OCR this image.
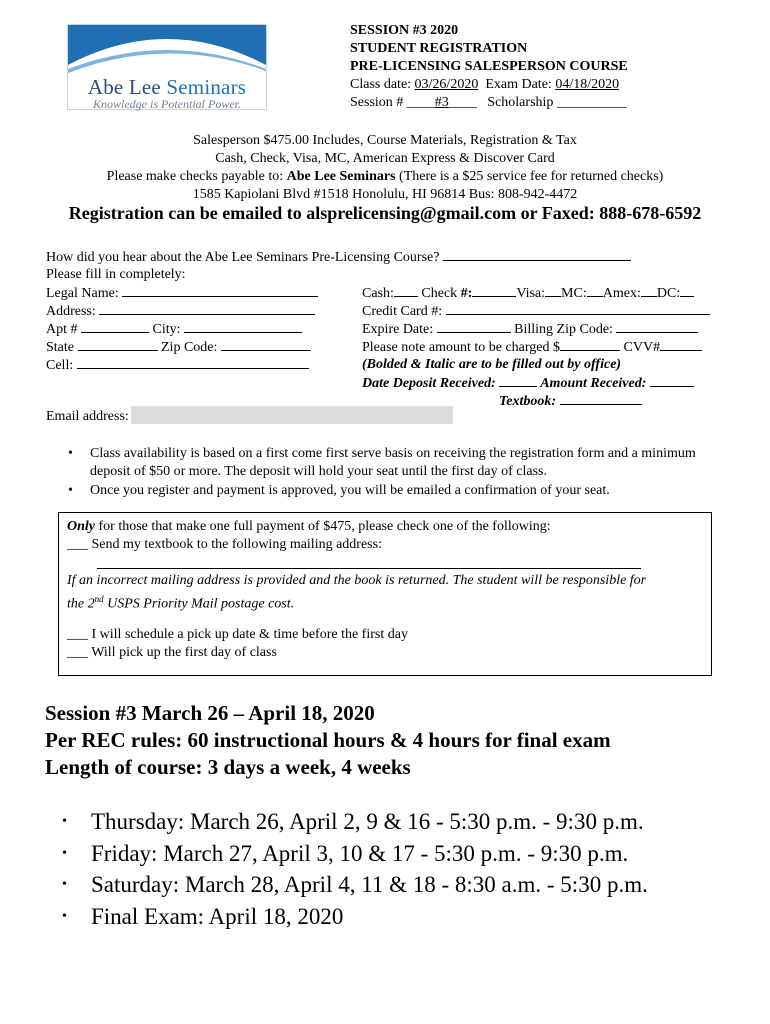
Abe Lee Seminars
Knowledge is Potential Power.
SESSION #3 2020
STUDENT REGISTRATION
PRE-LICENSING SALESPERSON COURSE
Class date: 03/26/2020 Exam Date: 04/18/2020
Session # ____#3____ Scholarship __________
Salesperson $475.00 Includes, Course Materials, Registration & Tax
Cash, Check, Visa, MC, American Express & Discover Card
Please make checks payable to: Abe Lee Seminars (There is a $25 service fee for returned checks)
1585 Kapiolani Blvd #1518 Honolulu, HI 96814 Bus: 808-942-4472
Registration can be emailed to alsprelicensing@gmail.com or Faxed: 888-678-6592
How did you hear about the Abe Lee Seminars Pre-Licensing Course?
Please fill in completely:
Legal Name:
Address:
Apt #	City:
State	Zip Code:
Cell:
Cash: Check #:	Visa: MC: Amex: DC:
Credit Card #:
Expire Date:	Billing Zip Code:
Please note amount to be charged $	CVV#
(Bolded & Italic are to be filled out by office)
Date Deposit Received:	Amount Received:
Textbook:
Email address:
• Class availability is based on a first come first serve basis on receiving the registration form and a minimum deposit of $50 or more. The deposit will hold your seat until the first day of class.
• Once you register and payment is approved, you will be emailed a confirmation of your seat.
Only for those that make one full payment of $475, please check one of the following:
___ Send my textbook to the following mailing address:
If an incorrect mailing address is provided and the book is returned. The student will be responsible for
the 2nd USPS Priority Mail postage cost.
___ I will schedule a pick up date & time before the first day
___ Will pick up the first day of class
Session #3 March 26 – April 18, 2020
Per REC rules: 60 instructional hours & 4 hours for final exam
Length of course: 3 days a week, 4 weeks
• Thursday: March 26, April 2, 9 & 16 - 5:30 p.m. - 9:30 p.m.
• Friday: March 27, April 3, 10 & 17 - 5:30 p.m. - 9:30 p.m.
• Saturday: March 28, April 4, 11 & 18 - 8:30 a.m. - 5:30 p.m.
• Final Exam: April 18, 2020
